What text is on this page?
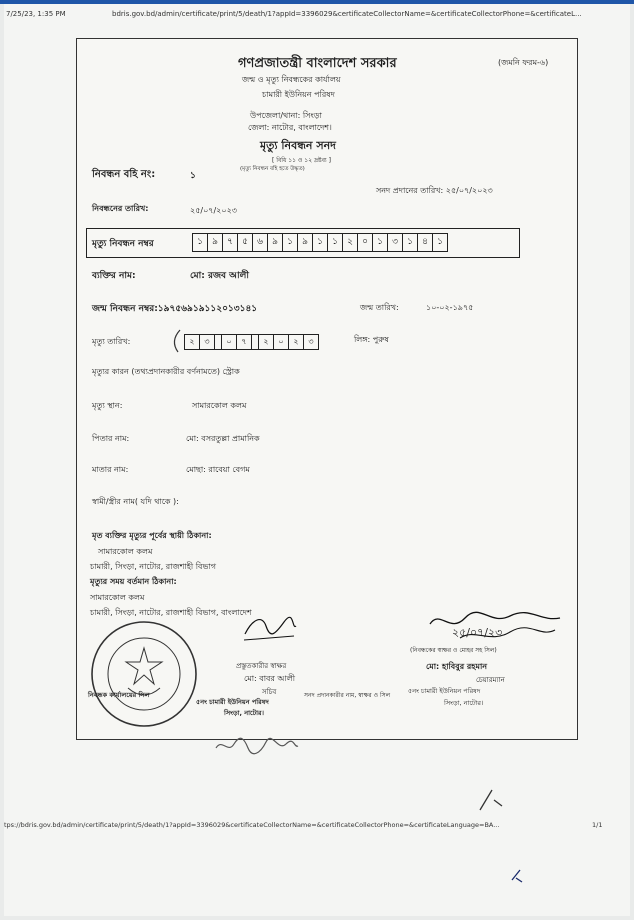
7/25/23, 1:35 PM	bdris.gov.bd/admin/certificate/print/5/death/1?appId=3396029&certificateCollectorName=&certificateCollectorPhone=&certificateL...
গণপ্রজাতন্ত্রী বাংলাদেশ সরকার	(জমনি ফরম-৬)
জন্ম ও মৃত্যু নিবন্ধকের কার্যালয়
চামারী ইউনিয়ন পরিষদ
উপজেলা/থানা: সিংড়া
জেলা: নাটোর, বাংলাদেশ।
মৃত্যু নিবন্ধন সনদ
[ বিধি ১১ ও ১২ দ্রষ্টব্য ]
(মৃত্যু নিবন্ধন বহি হতে উদ্ধৃত)
নিবন্ধন বহি নং:	১
সনদ প্রদানের তারিখ: ২৫/০৭/২০২৩
নিবন্ধনের তারিখ:	২৫/০৭/২০২৩
মৃত্যু নিবন্ধন নম্বর	১	৯	৭	৫	৬	৯	১	৯	১	১	২	০	১	৩	১	৪	১
ব্যক্তির নাম:	মো: রজব আলী
জন্ম নিবন্ধন নম্বর:১৯৭৫৬৯১৯১১২০১৩১৪১	জন্ম তারিখ:	১০-০২-১৯৭৫
মৃত্যু তারিখ:	২	৩	০	৭	২	০	২	৩	লিঙ্গ: পুরুষ
মৃত্যুর কারন (তথ্যপ্রদানকারীর বর্ণনামতে) স্ট্রোক
মৃত্যু স্থান:	সামারকোল কলম
পিতার নাম:	মো: বসরতুল্লা প্রামানিক
মাতার নাম:	মোছা: রাবেয়া বেগম
স্বামী/স্ত্রীর নাম( যদি থাকে ):
মৃত ব্যক্তির মৃত্যুর পূর্বের স্থায়ী ঠিকানা:
সামারকোল কলম
চামারী, সিংড়া, নাটোর, রাজশাহী বিভাগ
মৃত্যুর সময় বর্তমান ঠিকানা:
সামারকোল কলম
চামারী, সিংড়া, নাটোর, রাজশাহী বিভাগ, বাংলাদেশ
২৫/০৭/২৩
(নিবন্ধকের স্বাক্ষর ও মোহর সহ সিল)
মো: হাবিবুর রহমান
চেয়ারম্যান
৫নং চামারী ইউনিয়ন পরিষদ
সিংড়া, নাটোর।
প্রস্তুতকারীর স্বাক্ষর
মো: বাবর আলী
সচিব
৫নং চামারী ইউনিয়ন পরিষদ
সিংড়া, নাটোর।
সনদ প্রদানকারীর নাম, স্বাক্ষর ও সিল
নিবন্ধক কার্যালয়ের সিল
tps://bdris.gov.bd/admin/certificate/print/5/death/1?appId=3396029&certificateCollectorName=&certificateCollectorPhone=&certificateLanguage=BA...	1/1
